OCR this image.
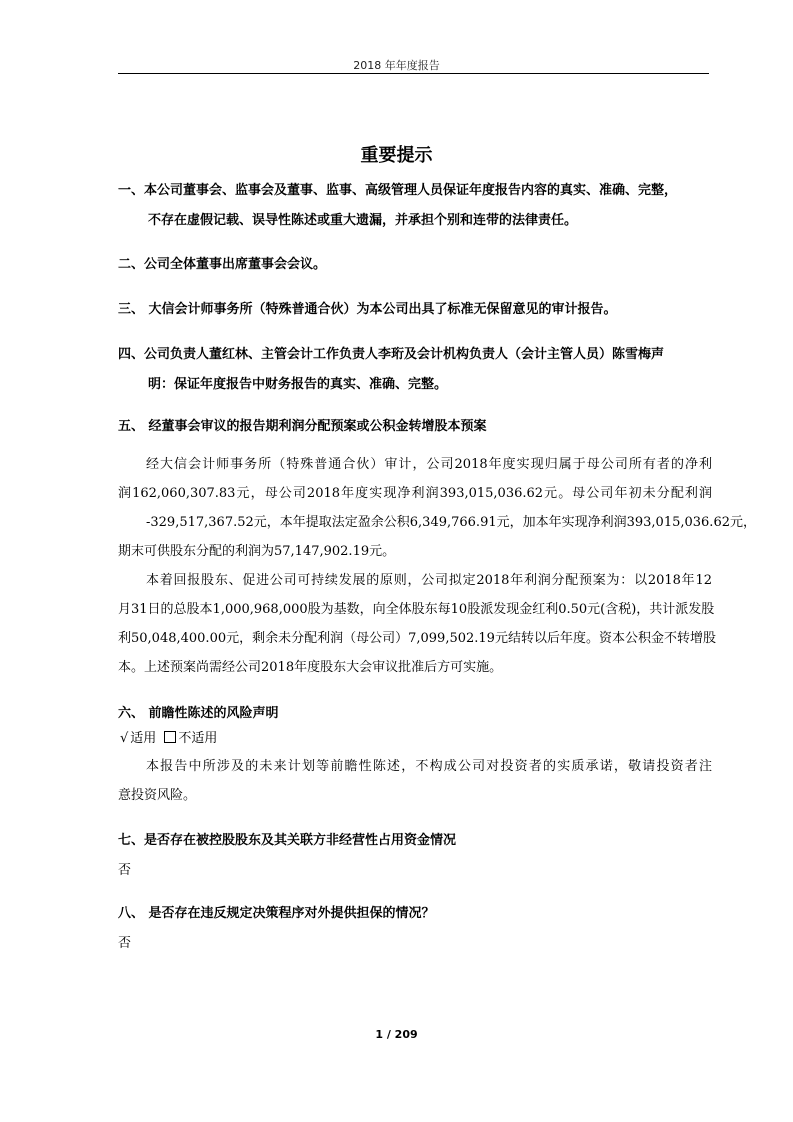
2018 年年度报告
重要提示
一、本公司董事会、监事会及董事、监事、高级管理人员保证年度报告内容的真实、准确、完整，
不存在虚假记载、误导性陈述或重大遗漏，并承担个别和连带的法律责任。
二、公司全体董事出席董事会会议。
三、 大信会计师事务所（特殊普通合伙）为本公司出具了标准无保留意见的审计报告。
四、公司负责人董红林、主管会计工作负责人李珩及会计机构负责人（会计主管人员）陈雪梅声
明：保证年度报告中财务报告的真实、准确、完整。
五、 经董事会审议的报告期利润分配预案或公积金转增股本预案
经大信会计师事务所（特殊普通合伙）审计，公司2018年度实现归属于母公司所有者的净利
润162,060,307.83元，母公司2018年度实现净利润393,015,036.62元。母公司年初未分配利润
-329,517,367.52元，本年提取法定盈余公积6,349,766.91元，加本年实现净利润393,015,036.62元，
期末可供股东分配的利润为57,147,902.19元。
本着回报股东、促进公司可持续发展的原则，公司拟定2018年利润分配预案为：以2018年12
月31日的总股本1,000,968,000股为基数，向全体股东每10股派发现金红利0.50元(含税)，共计派发股
利50,048,400.00元，剩余未分配利润（母公司）7,099,502.19元结转以后年度。资本公积金不转增股
本。上述预案尚需经公司2018年度股东大会审议批准后方可实施。
六、 前瞻性陈述的风险声明
√ 适用 不适用
本报告中所涉及的未来计划等前瞻性陈述，不构成公司对投资者的实质承诺，敬请投资者注
意投资风险。
七、是否存在被控股股东及其关联方非经营性占用资金情况
否
八、 是否存在违反规定决策程序对外提供担保的情况？
否
1 / 209
